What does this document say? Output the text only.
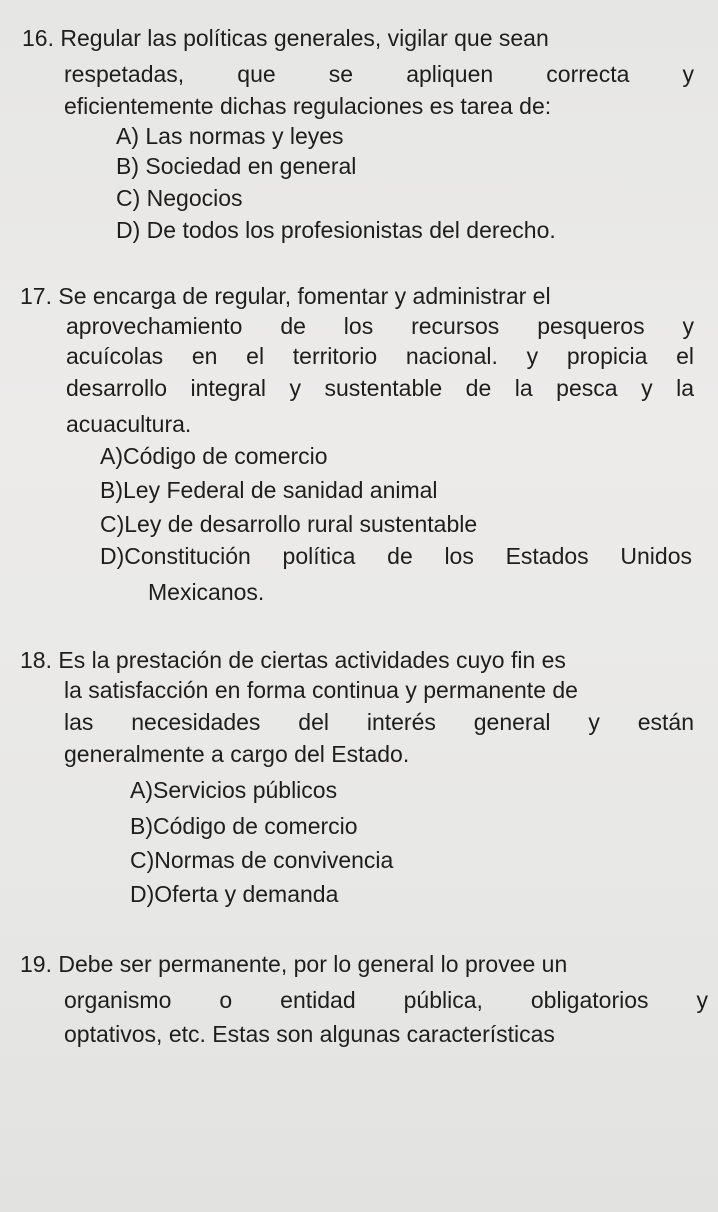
16. Regular las políticas generales, vigilar que sean
respetadas, que se apliquen correcta y
eficientemente dichas regulaciones es tarea de:
A) Las normas y leyes
B) Sociedad en general
C) Negocios
D) De todos los profesionistas del derecho.
17. Se encarga de regular, fomentar y administrar el
aprovechamiento de los recursos pesqueros y
acuícolas en el territorio nacional. y propicia el
desarrollo integral y sustentable de la pesca y la
acuacultura.
A)Código de comercio
B)Ley Federal de sanidad animal
C)Ley de desarrollo rural sustentable
D)Constitución política de los Estados Unidos
Mexicanos.
18. Es la prestación de ciertas actividades cuyo fin es
la satisfacción en forma continua y permanente de
las necesidades del interés general y están
generalmente a cargo del Estado.
A)Servicios públicos
B)Código de comercio
C)Normas de convivencia
D)Oferta y demanda
19. Debe ser permanente, por lo general lo provee un
organismo o entidad pública, obligatorios y
optativos, etc. Estas son algunas características
